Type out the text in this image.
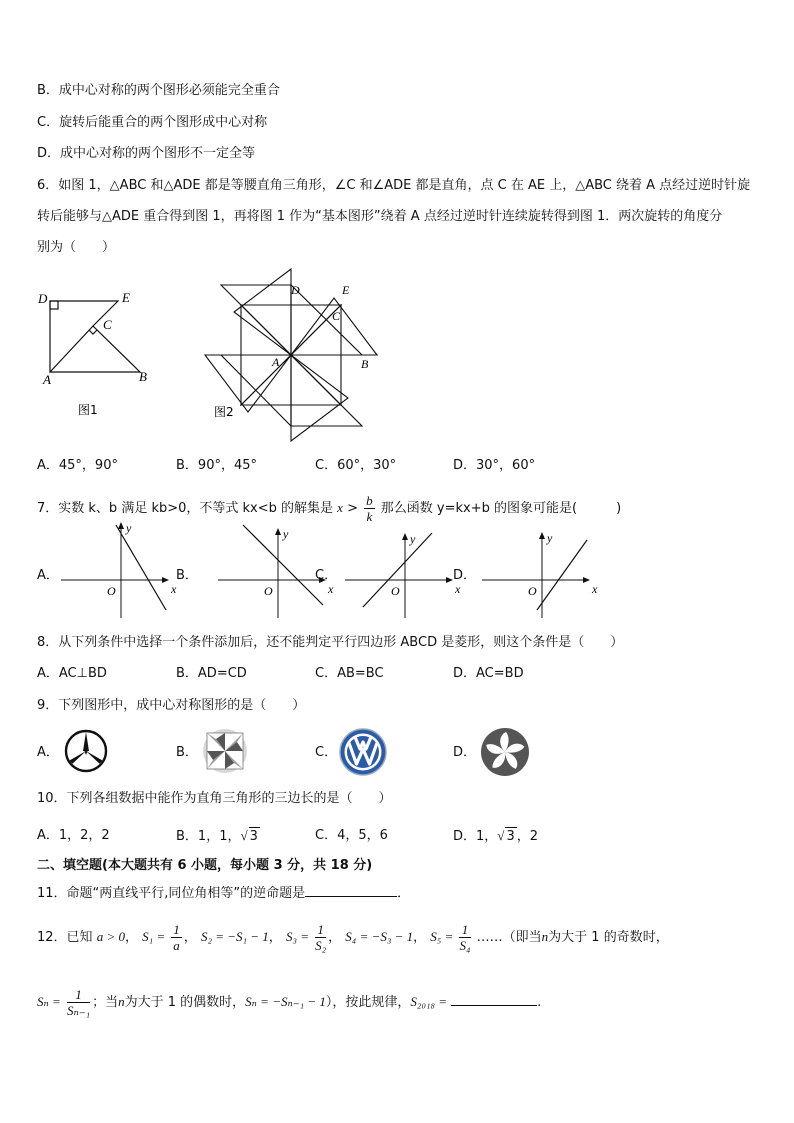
B．成中心对称的两个图形必须能完全重合
C．旋转后能重合的两个图形成中心对称
D．成中心对称的两个图形不一定全等
6．如图 1，△ABC 和△ADE 都是等腰直角三角形，∠C 和∠ADE 都是直角，点 C 在 AE 上，△ABC 绕着 A 点经过逆时针旋
转后能够与△ADE 重合得到图 1，再将图 1 作为“基本图形”绕着 A 点经过逆时针连续旋转得到图 1．两次旋转的角度分
别为（　　）
D	E
C
A	B
图1
D	E
C
A	B
图2
A．45°，90°	B．90°，45°	C．60°，30°	D．30°，60°
7．实数 k、b 满足 kb>0，不等式 kx<b 的解集是 $x > \frac{b}{k}$ 那么函数 y=kx+b 的图象可能是(　　　)
A．
x
y
O
B．
x
y
O
C．
x
y
O
D．
x
y
O
8．从下列条件中选择一个条件添加后，还不能判定平行四边形 ABCD 是菱形，则这个条件是（　　）
A．AC⊥BD	B．AD=CD	C．AB=BC	D．AC=BD
9．下列图形中，成中心对称图形的是（　　）
A．	B．	C．	D．
10．下列各组数据中能作为直角三角形的三边长的是（　　）
A．1，2，2	B．1，1，√ 3	C．4，5，6	D．1，√ 3 ，2
二、填空题(本大题共有 6 小题，每小题 3 分，共 18 分)
11．命题“两直线平行,同位角相等”的逆命题是	．
12．已知 a > 0， $S_1 = \frac{1}{a}$ ， S₂ = −S₁ − 1， $S_3 = \frac{1}{\text{S₂}}$ ， S₄ = −S₃ − 1， $S_5 = \frac{1}{\text{S₄}}$ ……（即当n为大于 1 的奇数时，
$S_n = \frac{1}{\text{Sₙ₋₁}}$ ；当n为大于 1 的偶数时，Sₙ = −Sₙ₋₁ − 1），按此规律，S₂₀₁₈ =	.
